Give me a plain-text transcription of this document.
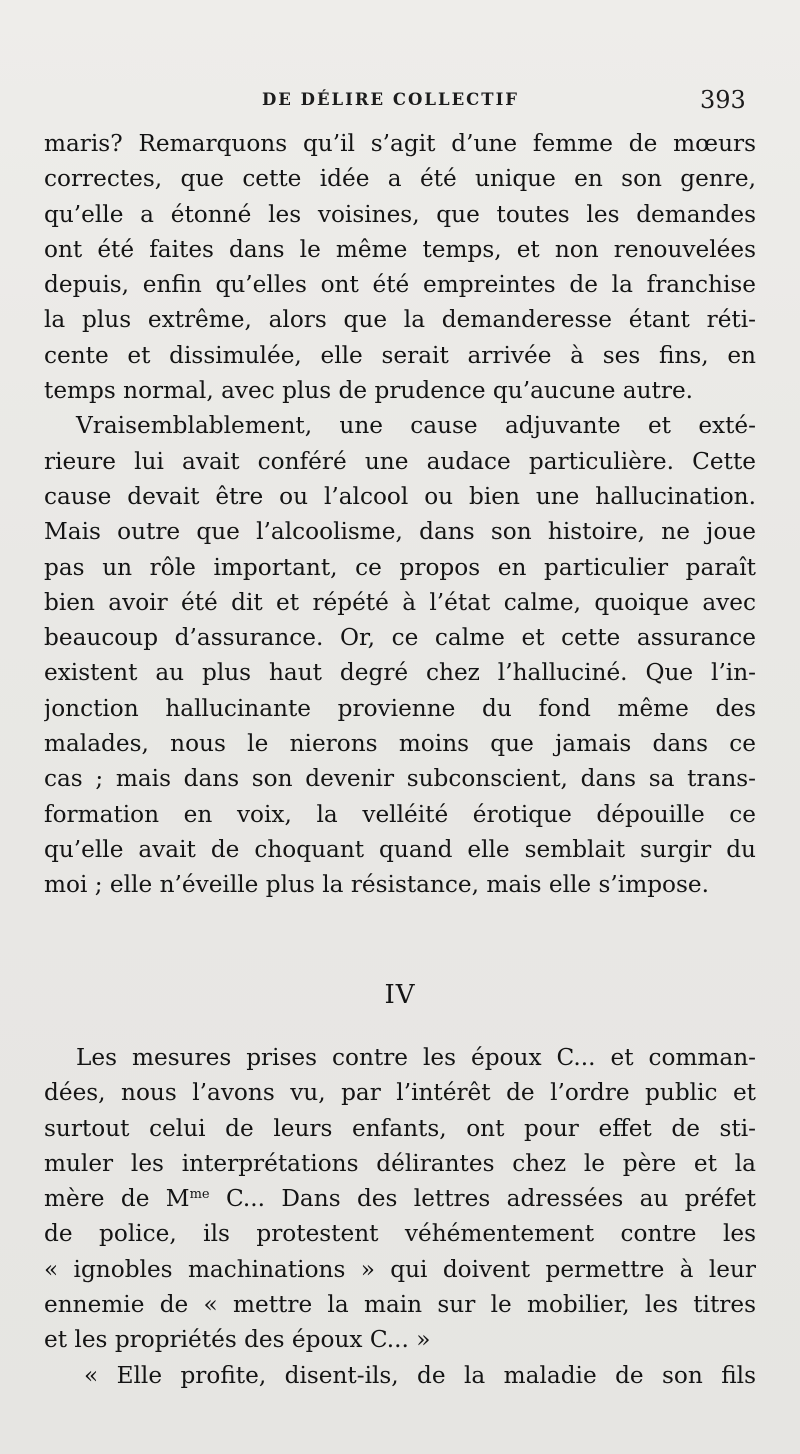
DE DÉLIRE COLLECTIF	393
maris? Remarquons qu’il s’agit d’une femme de mœurs
correctes, que cette idée a été unique en son genre,
qu’elle a étonné les voisines, que toutes les demandes
ont été faites dans le même temps, et non renouvelées
depuis, enfin qu’elles ont été empreintes de la franchise
la plus extrême, alors que la demanderesse étant réti-
cente et dissimulée, elle serait arrivée à ses fins, en
temps normal, avec plus de prudence qu’aucune autre.
Vraisemblablement, une cause adjuvante et exté-
rieure lui avait conféré une audace particulière. Cette
cause devait être ou l’alcool ou bien une hallucination.
Mais outre que l’alcoolisme, dans son histoire, ne joue
pas un rôle important, ce propos en particulier paraît
bien avoir été dit et répété à l’état calme, quoique avec
beaucoup d’assurance. Or, ce calme et cette assurance
existent au plus haut degré chez l’halluciné. Que l’in-
jonction hallucinante provienne du fond même des
malades, nous le nierons moins que jamais dans ce
cas ; mais dans son devenir subconscient, dans sa trans-
formation en voix, la velléité érotique dépouille ce
qu’elle avait de choquant quand elle semblait surgir du
moi ; elle n’éveille plus la résistance, mais elle s’impose.
IV
Les mesures prises contre les époux C... et comman-
dées, nous l’avons vu, par l’intérêt de l’ordre public et
surtout celui de leurs enfants, ont pour effet de sti-
muler les interprétations délirantes chez le père et la
mère de $M^{me}$ C... Dans des lettres adressées au préfet
de police, ils protestent véhémentement contre les
« ignobles machinations » qui doivent permettre à leur
ennemie de « mettre la main sur le mobilier, les titres
et les propriétés des époux C... »
« Elle profite, disent-ils, de la maladie de son fils
